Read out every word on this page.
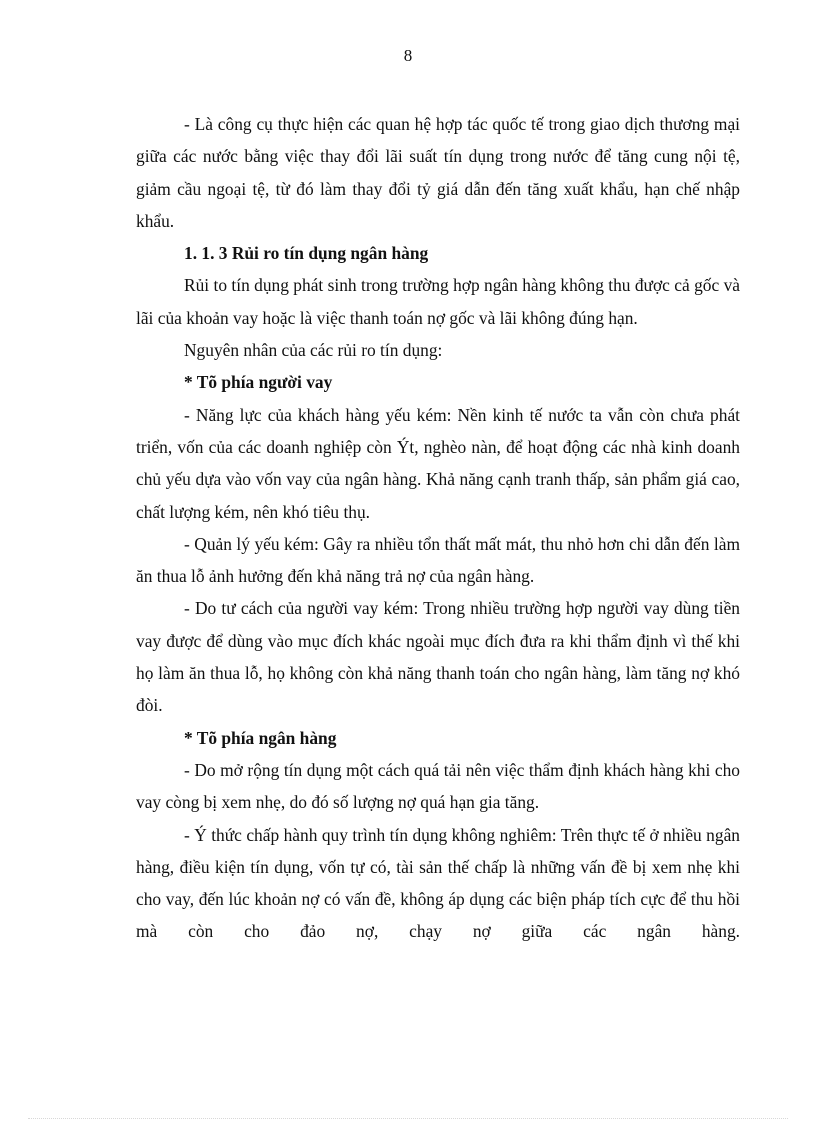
8

- Là công cụ thực hiện các quan hệ hợp tác quốc tế trong giao dịch thương mại giữa các nước bằng việc thay đổi lãi suất tín dụng trong nước để tăng cung nội tệ, giảm cầu ngoại tệ, từ đó làm thay đổi tỷ giá dẫn đến tăng xuất khẩu, hạn chế nhập khẩu.

1. 1. 3 Rủi ro tín dụng ngân hàng

Rủi to tín dụng phát sinh trong trường hợp ngân hàng không thu được cả gốc và lãi của khoản vay hoặc là việc thanh toán nợ gốc và lãi không đúng hạn.

Nguyên nhân của các rủi ro tín dụng:

* Tõ phía người vay

- Năng lực của khách hàng yếu kém: Nền kinh tế nước ta vẫn còn chưa phát triển, vốn của các doanh nghiệp còn Ýt, nghèo nàn, để hoạt động các nhà kinh doanh chủ yếu dựa vào vốn vay của ngân hàng. Khả năng cạnh tranh thấp, sản phẩm giá cao, chất lượng kém, nên khó tiêu thụ.

- Quản lý yếu kém: Gây ra nhiều tổn thất mất mát, thu nhỏ hơn chi dẫn đến làm ăn thua lỗ ảnh hưởng đến khả năng trả nợ của ngân hàng.

- Do tư cách của người vay kém: Trong nhiều trường hợp người vay dùng tiền vay được để dùng vào mục đích khác ngoài mục đích đưa ra khi thẩm định vì thế khi họ làm ăn thua lỗ, họ không còn khả năng thanh toán cho ngân hàng, làm tăng nợ khó đòi.

* Tõ phía ngân hàng

- Do mở rộng tín dụng một cách quá tải nên việc thẩm định khách hàng khi cho vay còng bị xem nhẹ, do đó số lượng nợ quá hạn gia tăng.

- Ý thức chấp hành quy trình tín dụng không nghiêm: Trên thực tế ở nhiều ngân hàng, điều kiện tín dụng, vốn tự có, tài sản thế chấp là những vấn đề bị xem nhẹ khi cho vay, đến lúc khoản nợ có vấn đề, không áp dụng các biện pháp tích cực để thu hồi mà còn cho đảo nợ, chạy nợ giữa các ngân hàng.
